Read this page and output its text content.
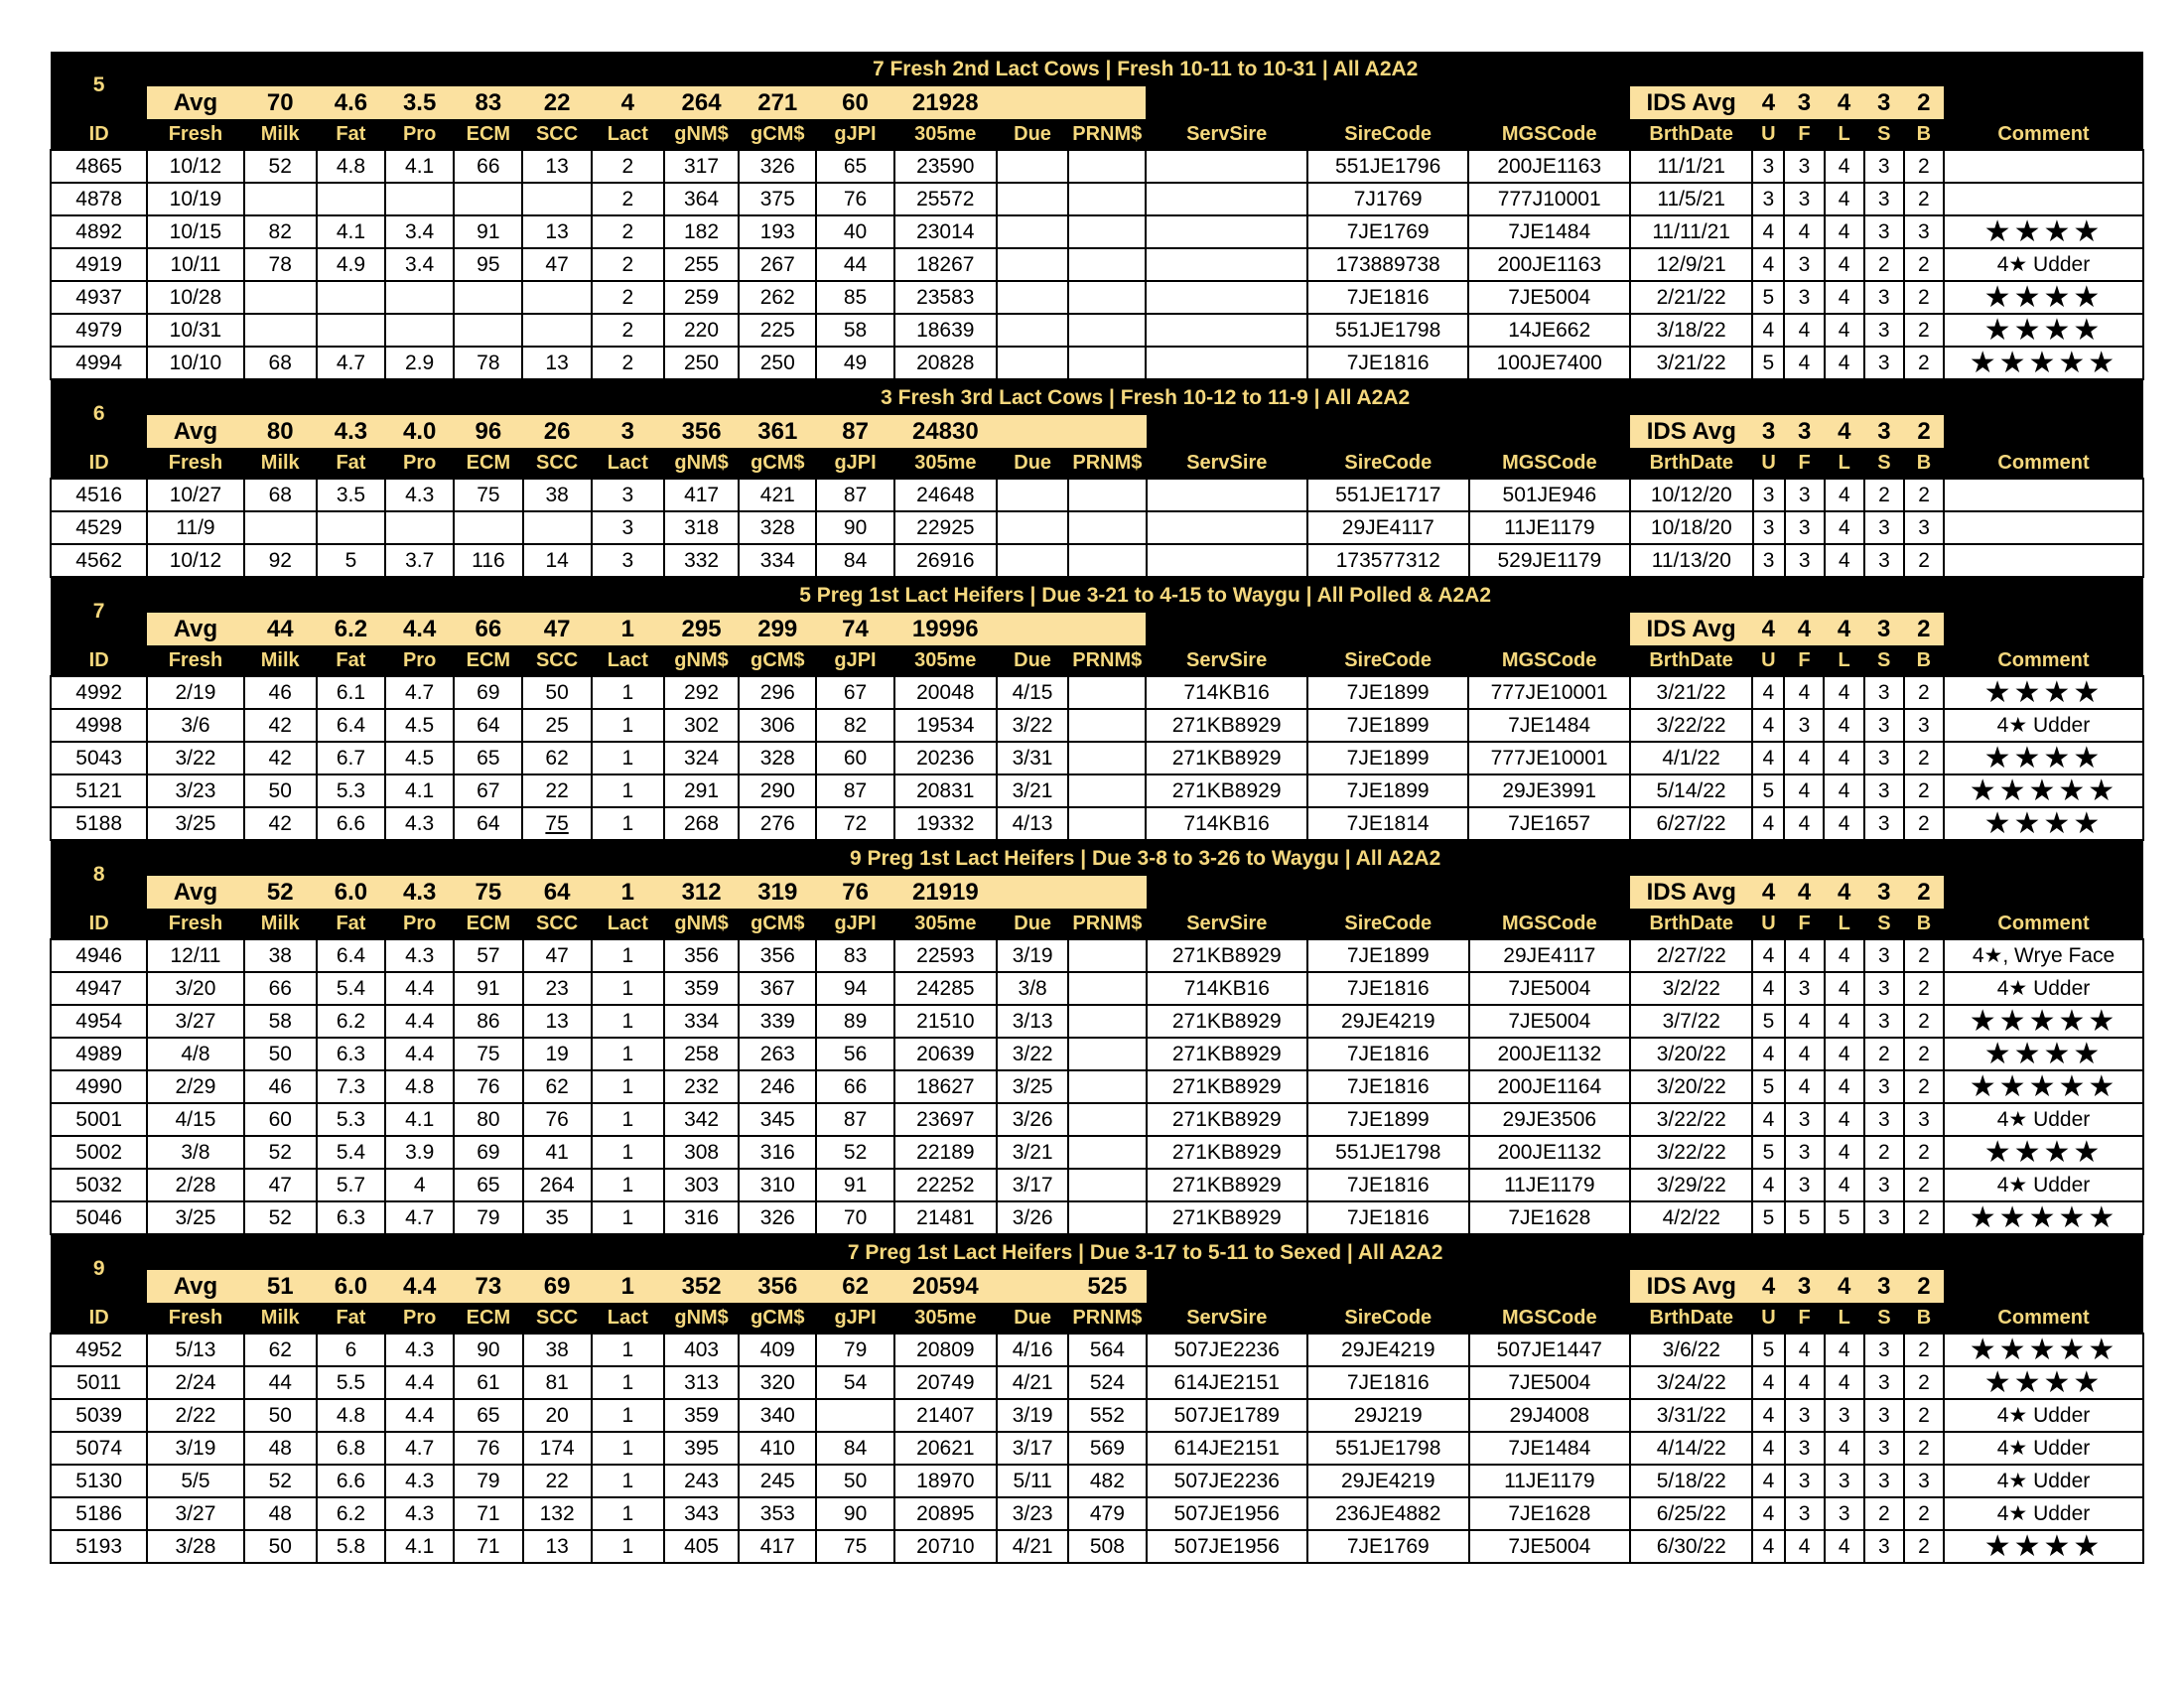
5	7 Fresh 2nd Lact Cows | Fresh 10-11 to 10-31 | All A2A2																						
	Avg	70	4.6	3.5	83	22	4	264	271	60	21928						IDS Avg	4	3	4	3	2	
ID	Fresh	Milk	Fat	Pro	ECM	SCC	Lact	gNM$	gCM$	gJPI	305me	Due	PRNM$	ServSire	SireCode	MGSCode	BrthDate	U	F	L	S	B	Comment
4865	10/12	52	4.8	4.1	66	13	2	317	326	65	23590				551JE1796	200JE1163	11/1/21	3	3	4	3	2	
4878	10/19						2	364	375	76	25572				7J1769	777J10001	11/5/21	3	3	4	3	2	
4892	10/15	82	4.1	3.4	91	13	2	182	193	40	23014				7JE1769	7JE1484	11/11/21	4	4	4	3	3	★★★★
4919	10/11	78	4.9	3.4	95	47	2	255	267	44	18267				173889738	200JE1163	12/9/21	4	3	4	2	2	4★ Udder
4937	10/28						2	259	262	85	23583				7JE1816	7JE5004	2/21/22	5	3	4	3	2	★★★★
4979	10/31						2	220	225	58	18639				551JE1798	14JE662	3/18/22	4	4	4	3	2	★★★★
4994	10/10	68	4.7	2.9	78	13	2	250	250	49	20828				7JE1816	100JE7400	3/21/22	5	4	4	3	2	★★★★★
6	3 Fresh 3rd Lact Cows | Fresh 10-12 to 11-9 | All A2A2																						
	Avg	80	4.3	4.0	96	26	3	356	361	87	24830						IDS Avg	3	3	4	3	2	
ID	Fresh	Milk	Fat	Pro	ECM	SCC	Lact	gNM$	gCM$	gJPI	305me	Due	PRNM$	ServSire	SireCode	MGSCode	BrthDate	U	F	L	S	B	Comment
4516	10/27	68	3.5	4.3	75	38	3	417	421	87	24648				551JE1717	501JE946	10/12/20	3	3	4	2	2	
4529	11/9						3	318	328	90	22925				29JE4117	11JE1179	10/18/20	3	3	4	3	3	
4562	10/12	92	5	3.7	116	14	3	332	334	84	26916				173577312	529JE1179	11/13/20	3	3	4	3	2	
7	5 Preg 1st Lact Heifers | Due 3-21 to 4-15 to Waygu | All Polled & A2A2																						
	Avg	44	6.2	4.4	66	47	1	295	299	74	19996						IDS Avg	4	4	4	3	2	
ID	Fresh	Milk	Fat	Pro	ECM	SCC	Lact	gNM$	gCM$	gJPI	305me	Due	PRNM$	ServSire	SireCode	MGSCode	BrthDate	U	F	L	S	B	Comment
4992	2/19	46	6.1	4.7	69	50	1	292	296	67	20048	4/15		714KB16	7JE1899	777JE10001	3/21/22	4	4	4	3	2	★★★★
4998	3/6	42	6.4	4.5	64	25	1	302	306	82	19534	3/22		271KB8929	7JE1899	7JE1484	3/22/22	4	3	4	3	3	4★ Udder
5043	3/22	42	6.7	4.5	65	62	1	324	328	60	20236	3/31		271KB8929	7JE1899	777JE10001	4/1/22	4	4	4	3	2	★★★★
5121	3/23	50	5.3	4.1	67	22	1	291	290	87	20831	3/21		271KB8929	7JE1899	29JE3991	5/14/22	5	4	4	3	2	★★★★★
5188	3/25	42	6.6	4.3	64	75	1	268	276	72	19332	4/13		714KB16	7JE1814	7JE1657	6/27/22	4	4	4	3	2	★★★★
8	9 Preg 1st Lact Heifers | Due 3-8 to 3-26 to Waygu | All A2A2																						
	Avg	52	6.0	4.3	75	64	1	312	319	76	21919						IDS Avg	4	4	4	3	2	
ID	Fresh	Milk	Fat	Pro	ECM	SCC	Lact	gNM$	gCM$	gJPI	305me	Due	PRNM$	ServSire	SireCode	MGSCode	BrthDate	U	F	L	S	B	Comment
4946	12/11	38	6.4	4.3	57	47	1	356	356	83	22593	3/19		271KB8929	7JE1899	29JE4117	2/27/22	4	4	4	3	2	4★, Wrye Face
4947	3/20	66	5.4	4.4	91	23	1	359	367	94	24285	3/8		714KB16	7JE1816	7JE5004	3/2/22	4	3	4	3	2	4★ Udder
4954	3/27	58	6.2	4.4	86	13	1	334	339	89	21510	3/13		271KB8929	29JE4219	7JE5004	3/7/22	5	4	4	3	2	★★★★★
4989	4/8	50	6.3	4.4	75	19	1	258	263	56	20639	3/22		271KB8929	7JE1816	200JE1132	3/20/22	4	4	4	2	2	★★★★
4990	2/29	46	7.3	4.8	76	62	1	232	246	66	18627	3/25		271KB8929	7JE1816	200JE1164	3/20/22	5	4	4	3	2	★★★★★
5001	4/15	60	5.3	4.1	80	76	1	342	345	87	23697	3/26		271KB8929	7JE1899	29JE3506	3/22/22	4	3	4	3	3	4★ Udder
5002	3/8	52	5.4	3.9	69	41	1	308	316	52	22189	3/21		271KB8929	551JE1798	200JE1132	3/22/22	5	3	4	2	2	★★★★
5032	2/28	47	5.7	4	65	264	1	303	310	91	22252	3/17		271KB8929	7JE1816	11JE1179	3/29/22	4	3	4	3	2	4★ Udder
5046	3/25	52	6.3	4.7	79	35	1	316	326	70	21481	3/26		271KB8929	7JE1816	7JE1628	4/2/22	5	5	5	3	2	★★★★★
9	7 Preg 1st Lact Heifers | Due 3-17 to 5-11 to Sexed | All A2A2																						
	Avg	51	6.0	4.4	73	69	1	352	356	62	20594		525				IDS Avg	4	3	4	3	2	
ID	Fresh	Milk	Fat	Pro	ECM	SCC	Lact	gNM$	gCM$	gJPI	305me	Due	PRNM$	ServSire	SireCode	MGSCode	BrthDate	U	F	L	S	B	Comment
4952	5/13	62	6	4.3	90	38	1	403	409	79	20809	4/16	564	507JE2236	29JE4219	507JE1447	3/6/22	5	4	4	3	2	★★★★★
5011	2/24	44	5.5	4.4	61	81	1	313	320	54	20749	4/21	524	614JE2151	7JE1816	7JE5004	3/24/22	4	4	4	3	2	★★★★
5039	2/22	50	4.8	4.4	65	20	1	359	340		21407	3/19	552	507JE1789	29J219	29J4008	3/31/22	4	3	3	3	2	4★ Udder
5074	3/19	48	6.8	4.7	76	174	1	395	410	84	20621	3/17	569	614JE2151	551JE1798	7JE1484	4/14/22	4	3	4	3	2	4★ Udder
5130	5/5	52	6.6	4.3	79	22	1	243	245	50	18970	5/11	482	507JE2236	29JE4219	11JE1179	5/18/22	4	3	3	3	3	4★ Udder
5186	3/27	48	6.2	4.3	71	132	1	343	353	90	20895	3/23	479	507JE1956	236JE4882	7JE1628	6/25/22	4	3	3	2	2	4★ Udder
5193	3/28	50	5.8	4.1	71	13	1	405	417	75	20710	4/21	508	507JE1956	7JE1769	7JE5004	6/30/22	4	4	4	3	2	★★★★
